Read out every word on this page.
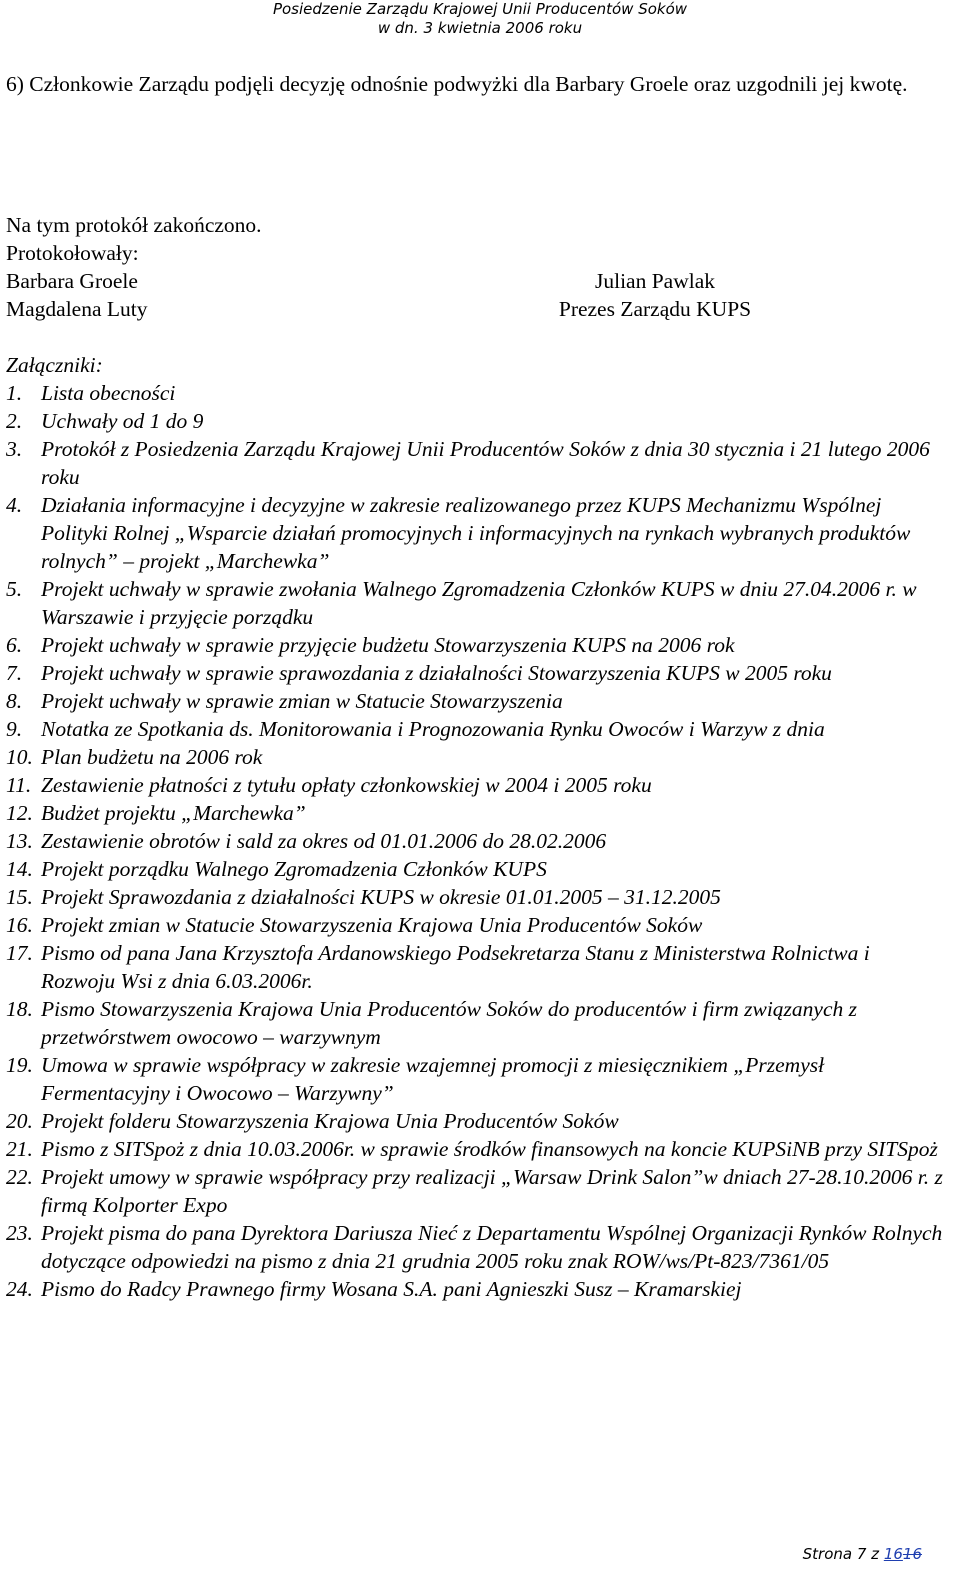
Posiedzenie Zarządu Krajowej Unii Producentów Soków
w dn. 3 kwietnia 2006 roku
6) Członkowie Zarządu podjęli decyzję odnośnie podwyżki dla Barbary Groele oraz uzgodnili jej kwotę.
Na tym protokół zakończono.
Protokołowały:
Barbara Groele
Magdalena Luty
Julian Pawlak
Prezes Zarządu KUPS
Załączniki:
1. Lista obecności
2. Uchwały od 1 do 9
3. Protokół z Posiedzenia Zarządu Krajowej Unii Producentów Soków z dnia 30 stycznia i 21 lutego 2006 roku
4. Działania informacyjne i decyzyjne w zakresie realizowanego przez KUPS Mechanizmu Wspólnej Polityki Rolnej „Wsparcie działań promocyjnych i informacyjnych na rynkach wybranych produktów rolnych” – projekt „Marchewka”
5. Projekt uchwały w sprawie zwołania Walnego Zgromadzenia Członków KUPS w dniu 27.04.2006 r. w Warszawie i przyjęcie porządku
6. Projekt uchwały w sprawie przyjęcie budżetu Stowarzyszenia KUPS na 2006 rok
7. Projekt uchwały w sprawie sprawozdania z działalności Stowarzyszenia KUPS w 2005 roku
8. Projekt uchwały w sprawie zmian w Statucie Stowarzyszenia
9. Notatka ze Spotkania ds. Monitorowania i Prognozowania Rynku Owoców i Warzyw z dnia
10. Plan budżetu na 2006 rok
11. Zestawienie płatności z tytułu opłaty członkowskiej w 2004 i 2005 roku
12. Budżet projektu „Marchewka”
13. Zestawienie obrotów i sald za okres od 01.01.2006 do 28.02.2006
14. Projekt porządku Walnego Zgromadzenia Członków KUPS
15. Projekt Sprawozdania z działalności KUPS w okresie 01.01.2005 – 31.12.2005
16. Projekt zmian w Statucie Stowarzyszenia Krajowa Unia Producentów Soków
17. Pismo od pana Jana Krzysztofa Ardanowskiego Podsekretarza Stanu z Ministerstwa Rolnictwa i Rozwoju Wsi z dnia 6.03.2006r.
18. Pismo Stowarzyszenia Krajowa Unia Producentów Soków do producentów i firm związanych z przetwórstwem owocowo – warzywnym
19. Umowa w sprawie współpracy w zakresie wzajemnej promocji z miesięcznikiem „Przemysł Fermentacyjny i Owocowo – Warzywny”
20. Projekt folderu Stowarzyszenia Krajowa Unia Producentów Soków
21. Pismo z SITSpoż z dnia 10.03.2006r. w sprawie środków finansowych na koncie KUPSiNB przy SITSpoż
22. Projekt umowy w sprawie współpracy przy realizacji „Warsaw Drink Salon”w dniach 27-28.10.2006 r. z firmą Kolporter Expo
23. Projekt pisma do pana Dyrektora Dariusza Nieć z Departamentu Wspólnej Organizacji Rynków Rolnych dotyczące odpowiedzi na pismo z dnia 21 grudnia 2005 roku znak ROW/ws/Pt-823/7361/05
24. Pismo do Radcy Prawnego firmy Wosana S.A. pani Agnieszki Susz – Kramarskiej
Strona 7 z 1616
